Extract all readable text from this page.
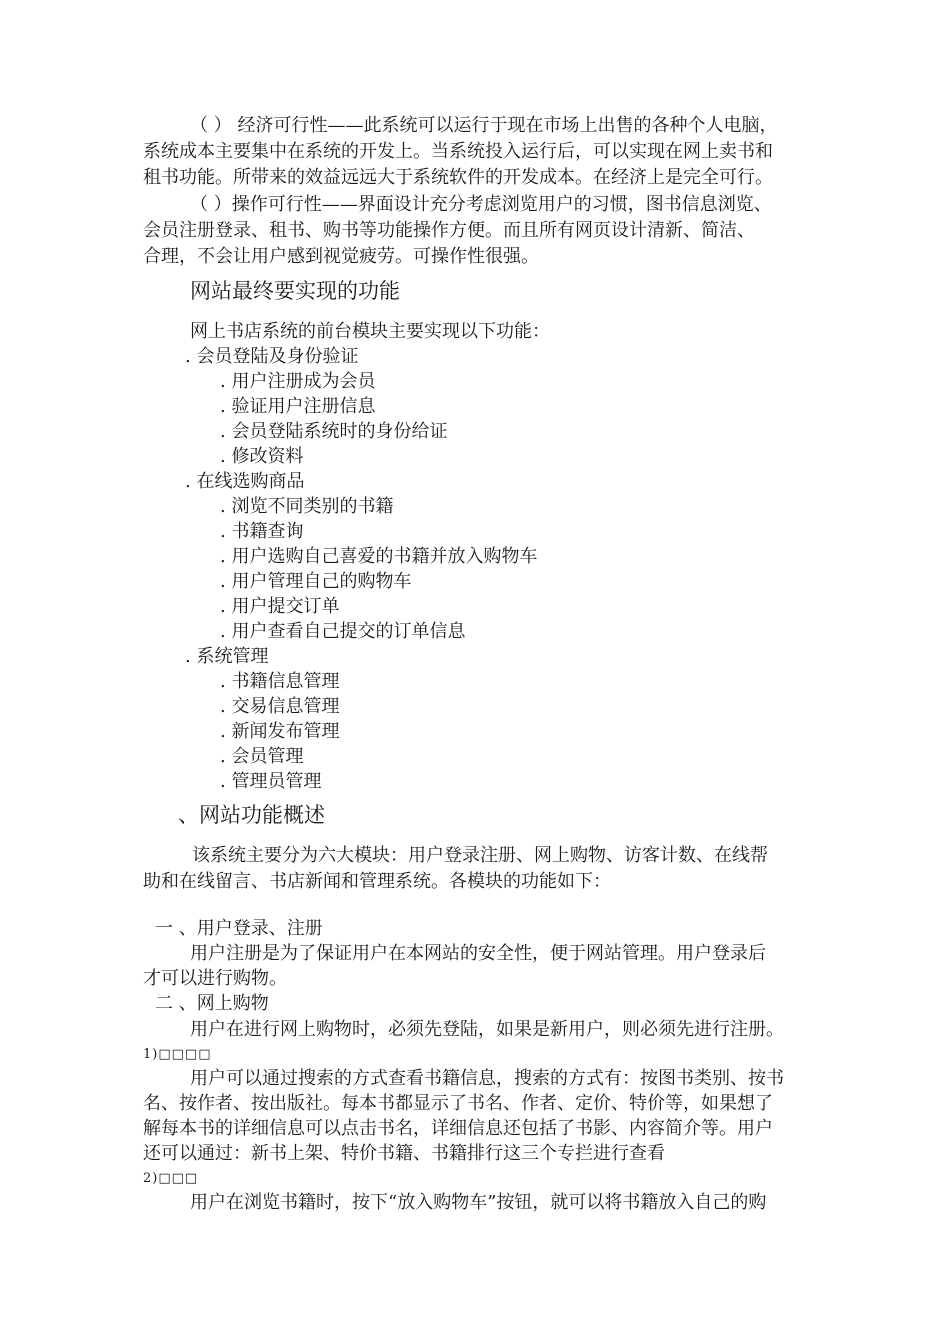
（ ） 经济可行性——此系统可以运行于现在市场上出售的各种个人电脑，
系统成本主要集中在系统的开发上。当系统投入运行后，可以实现在网上卖书和
租书功能。所带来的效益远远大于系统软件的开发成本。在经济上是完全可行。
（ ）操作可行性——界面设计充分考虑浏览用户的习惯，图书信息浏览、
会员注册登录、租书、购书等功能操作方便。而且所有网页设计清新、简洁、
合理，不会让用户感到视觉疲劳。可操作性很强。
网站最终要实现的功能
网上书店系统的前台模块主要实现以下功能：
. 会员登陆及身份验证
. 用户注册成为会员
. 验证用户注册信息
. 会员登陆系统时的身份给证
. 修改资料
. 在线选购商品
. 浏览不同类别的书籍
. 书籍查询
. 用户选购自己喜爱的书籍并放入购物车
. 用户管理自己的购物车
. 用户提交订单
. 用户查看自己提交的订单信息
. 系统管理
. 书籍信息管理
. 交易信息管理
. 新闻发布管理
. 会员管理
. 管理员管理
、网站功能概述
该系统主要分为六大模块：用户登录注册、网上购物、访客计数、在线帮
助和在线留言、书店新闻和管理系统。各模块的功能如下：
一 、用户登录、注册
用户注册是为了保证用户在本网站的安全性，便于网站管理。用户登录后
才可以进行购物。
二 、网上购物
用户在进行网上购物时，必须先登陆，如果是新用户，则必须先进行注册。
1)□□□□
用户可以通过搜索的方式查看书籍信息，搜索的方式有：按图书类别、按书
名、按作者、按出版社。每本书都显示了书名、作者、定价、特价等，如果想了
解每本书的详细信息可以点击书名，详细信息还包括了书影、内容简介等。用户
还可以通过：新书上架、特价书籍、书籍排行这三个专拦进行查看
2)□□□
用户在浏览书籍时，按下“放入购物车”按钮，就可以将书籍放入自己的购
